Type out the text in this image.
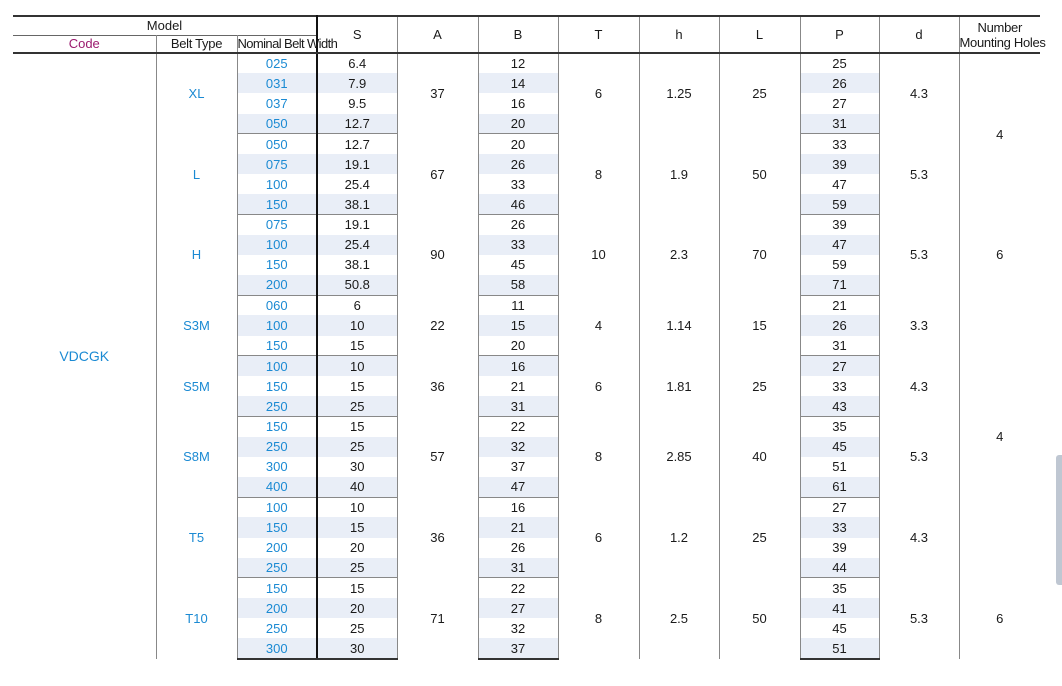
Model			S	A	B	T	h	L	P	d	Number
Mounting Holes
Code	Belt Type	Nominal Belt Width									
VDCGK	XL	025	6.4	37	12	6	1.25	25	25	4.3	4
		031	7.9		14				26		
		037	9.5		16				27		
		050	12.7		20				31		
	L	050	12.7	67	20	8	1.9	50	33	5.3	
		075	19.1		26				39		
		100	25.4		33				47		
		150	38.1		46				59		
	H	075	19.1	90	26	10	2.3	70	39	5.3	6
		100	25.4		33				47		
		150	38.1		45				59		
		200	50.8		58				71		
	S3M	060	6	22	11	4	1.14	15	21	3.3	4
		100	10		15				26		
		150	15		20				31		
	S5M	100	10	36	16	6	1.81	25	27	4.3	
		150	15		21				33		
		250	25		31				43		
	S8M	150	15	57	22	8	2.85	40	35	5.3	
		250	25		32				45		
		300	30		37				51		
		400	40		47				61		
	T5	100	10	36	16	6	1.2	25	27	4.3	
		150	15		21				33		
		200	20		26				39		
		250	25		31				44		
	T10	150	15	71	22	8	2.5	50	35	5.3	6
		200	20		27				41		
		250	25		32				45		
		300	30		37				51		
